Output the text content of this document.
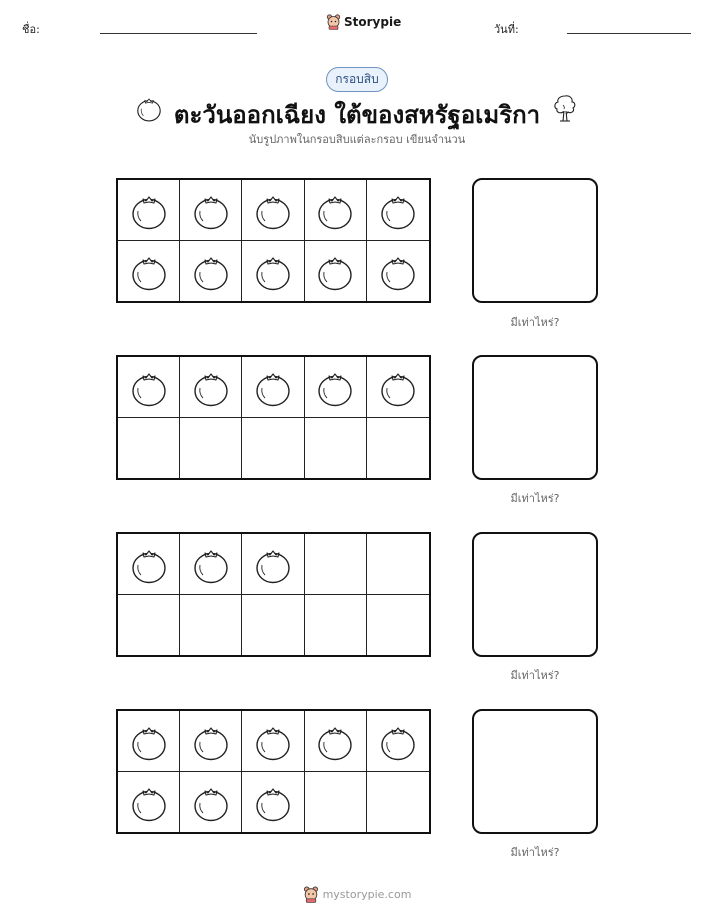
ชื่อ:
Storypie
วันที่:
กรอบสิบ
ตะวันออกเฉียง ใต้ของสหรัฐอเมริกา
นับรูปภาพในกรอบสิบแต่ละกรอบ เขียนจำนวน
มีเท่าไหร่?
มีเท่าไหร่?
มีเท่าไหร่?
มีเท่าไหร่?
mystorypie.com
